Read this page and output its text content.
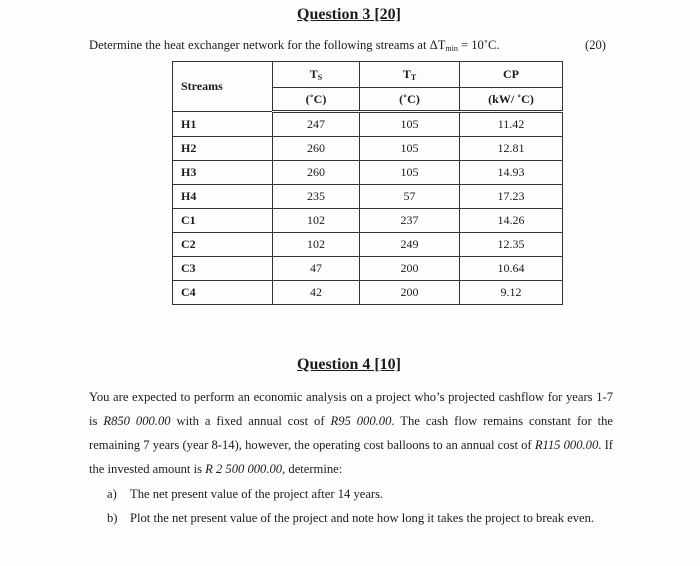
Question 3 [20]
Determine the heat exchanger network for the following streams at $\Delta T_{min}$ = 10˚C.	(20)
Streams	$T_S$	$T_T$	CP
	(˚C)	(˚C)	(kW/ ˚C)
H1	247	105	11.42
H2	260	105	12.81
H3	260	105	14.93
H4	235	57	17.23
C1	102	237	14.26
C2	102	249	12.35
C3	47	200	10.64
C4	42	200	9.12
Question 4 [10]

You are expected to perform an economic analysis on a project who’s projected cashflow for years 1-7 is R850 000.00 with a fixed annual cost of R95 000.00. The cash flow remains constant for the remaining 7 years (year 8-14), however, the operating cost balloons to an annual cost of R115 000.00. If the invested amount is R 2 500 000.00, determine:

a)	The net present value of the project after 14 years.
b) Plot the net present value of the project and note how long it takes the project to break even.
